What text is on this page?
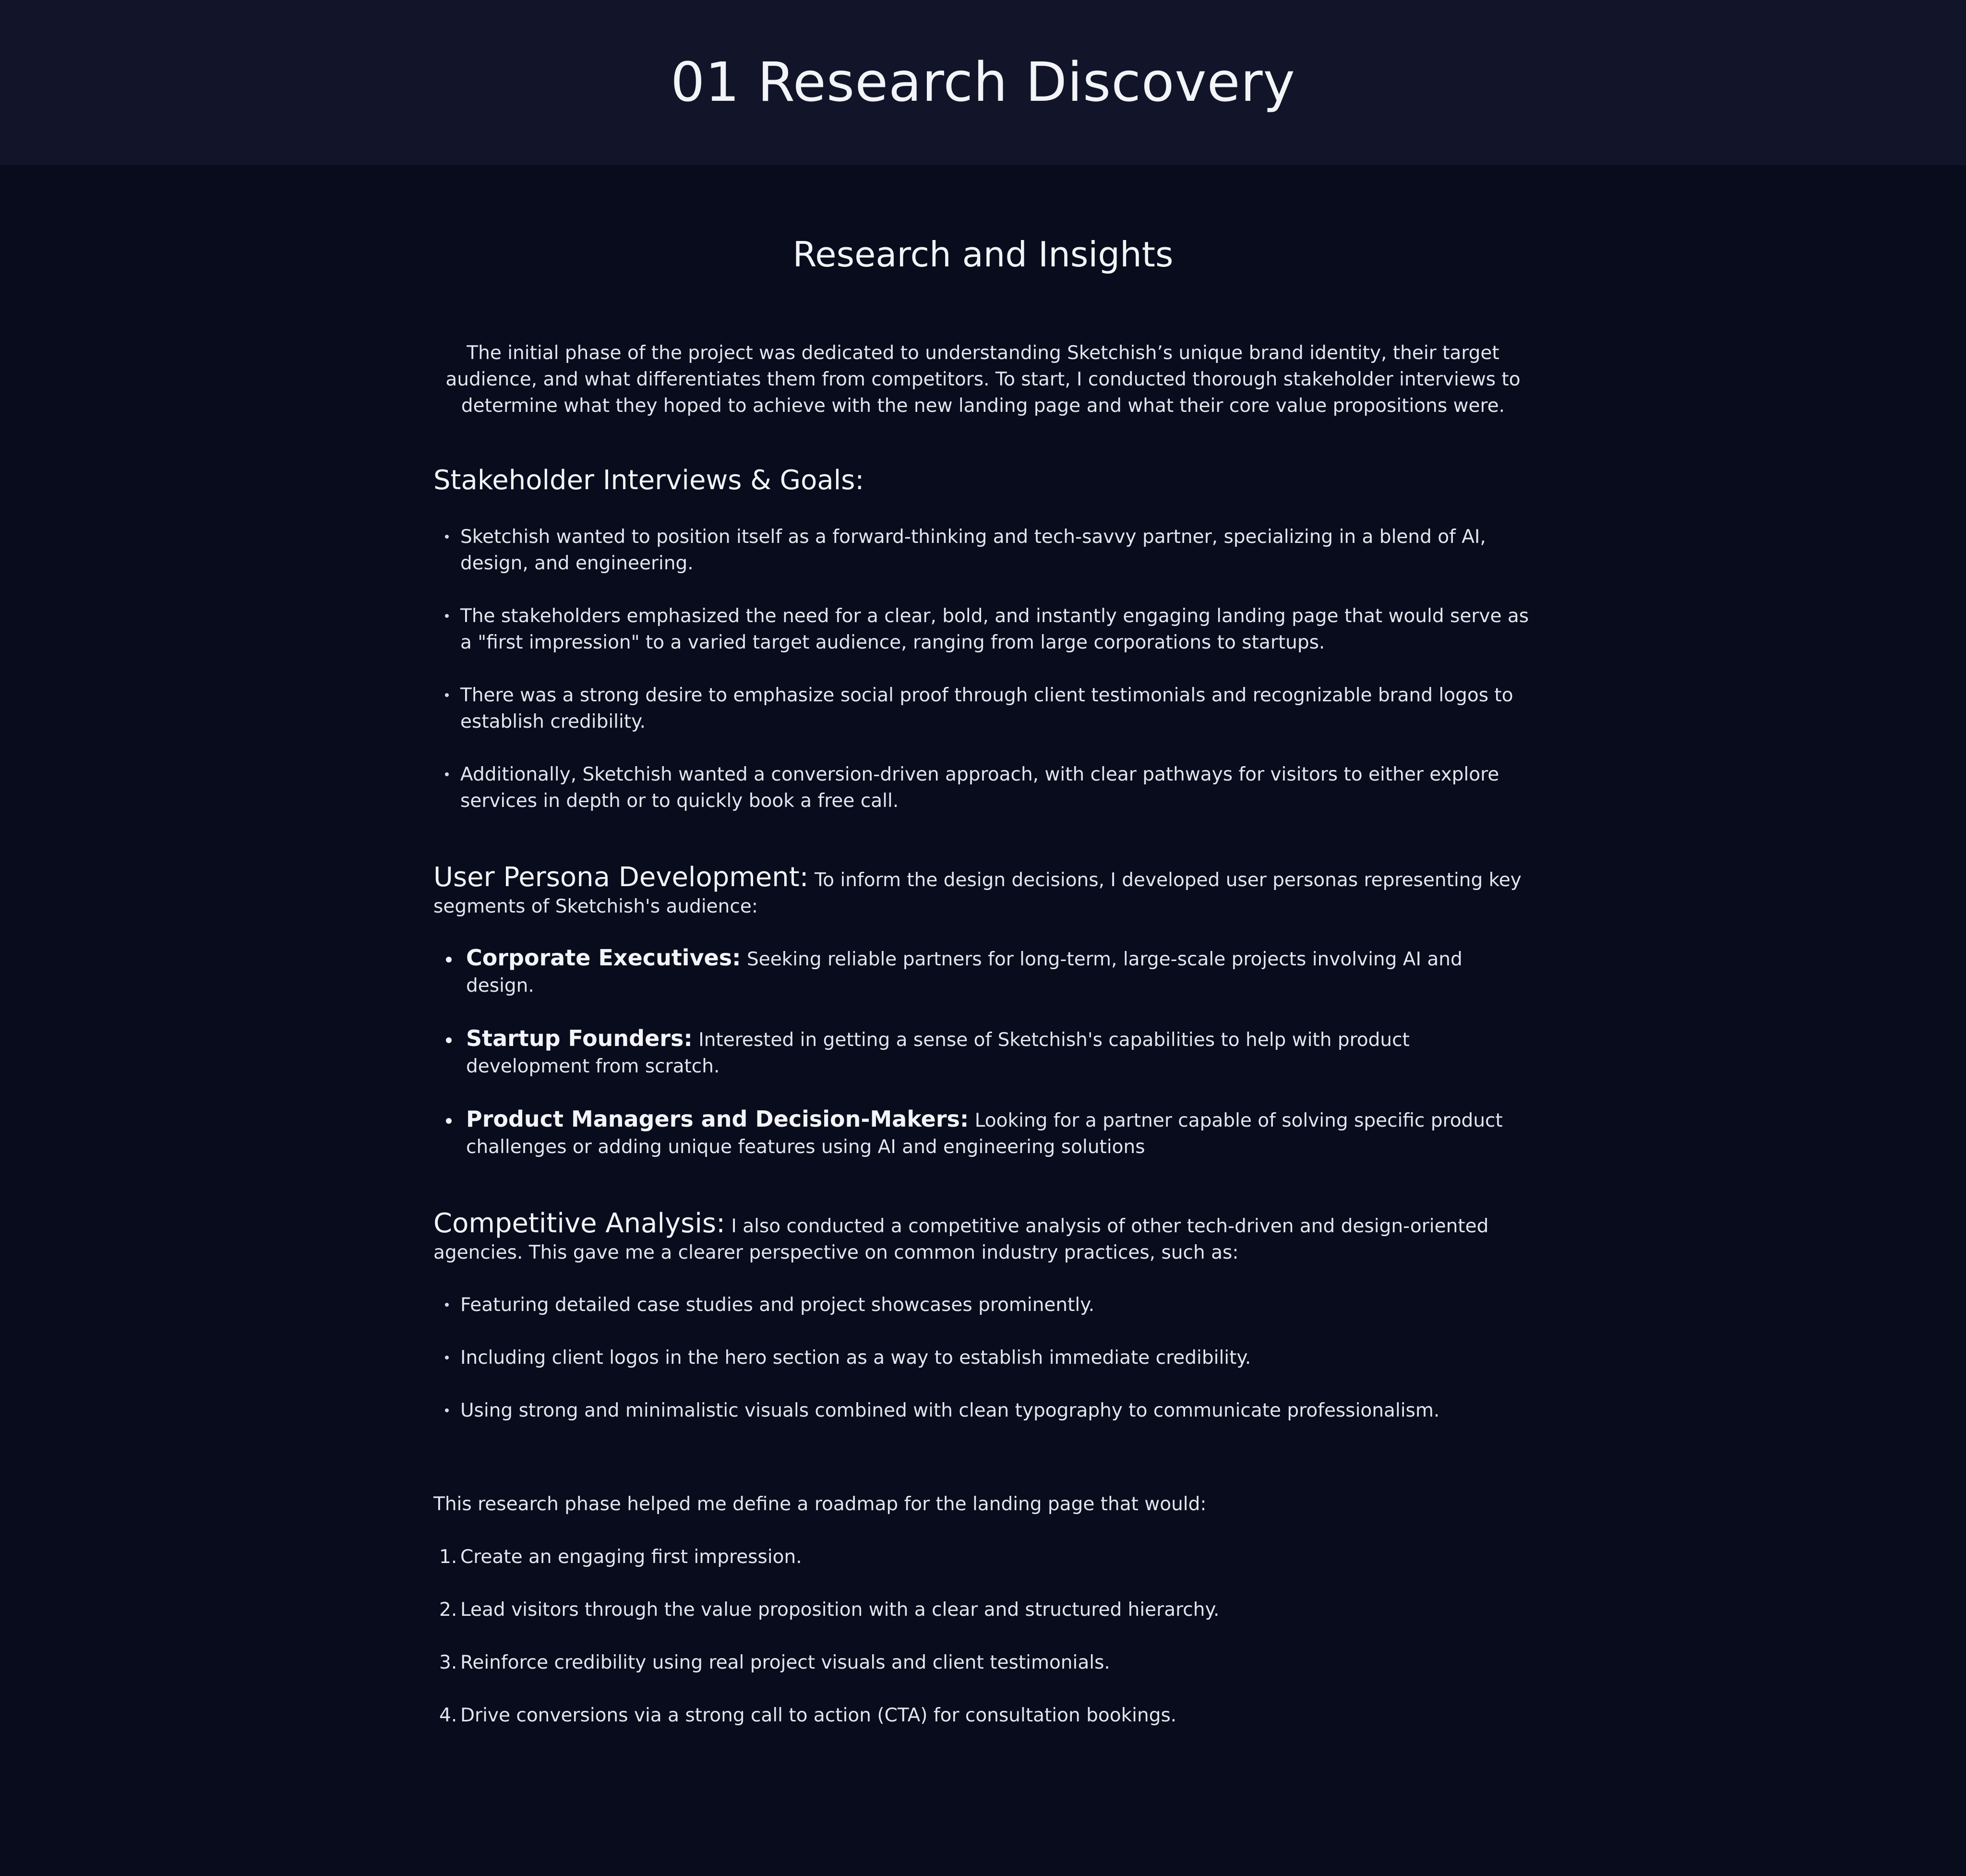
01 Research Discovery
Research and Insights

The initial phase of the project was dedicated to understanding Sketchish’s unique brand identity, their target audience, and what differentiates them from competitors. To start, I conducted thorough stakeholder interviews to determine what they hoped to achieve with the new landing page and what their core value propositions were.

Stakeholder Interviews & Goals:
Sketchish wanted to position itself as a forward-thinking and tech-savvy partner, specializing in a blend of AI, design, and engineering.
The stakeholders emphasized the need for a clear, bold, and instantly engaging landing page that would serve as a "first impression" to a varied target audience, ranging from large corporations to startups.
There was a strong desire to emphasize social proof through client testimonials and recognizable brand logos to establish credibility.
Additionally, Sketchish wanted a conversion-driven approach, with clear pathways for visitors to either explore services in depth or to quickly book a free call.

User Persona Development: To inform the design decisions, I developed user personas representing key segments of Sketchish's audience:

Corporate Executives: Seeking reliable partners for long-term, large-scale projects involving AI and design.
Startup Founders: Interested in getting a sense of Sketchish's capabilities to help with product development from scratch.
Product Managers and Decision-Makers: Looking for a partner capable of solving specific product challenges or adding unique features using AI and engineering solutions

Competitive Analysis: I also conducted a competitive analysis of other tech-driven and design-oriented agencies. This gave me a clearer perspective on common industry practices, such as:

Featuring detailed case studies and project showcases prominently.
Including client logos in the hero section as a way to establish immediate credibility.
Using strong and minimalistic visuals combined with clean typography to communicate professionalism.

This research phase helped me define a roadmap for the landing page that would:

1. Create an engaging first impression.
2. Lead visitors through the value proposition with a clear and structured hierarchy.
3. Reinforce credibility using real project visuals and client testimonials.
4. Drive conversions via a strong call to action (CTA) for consultation bookings.
